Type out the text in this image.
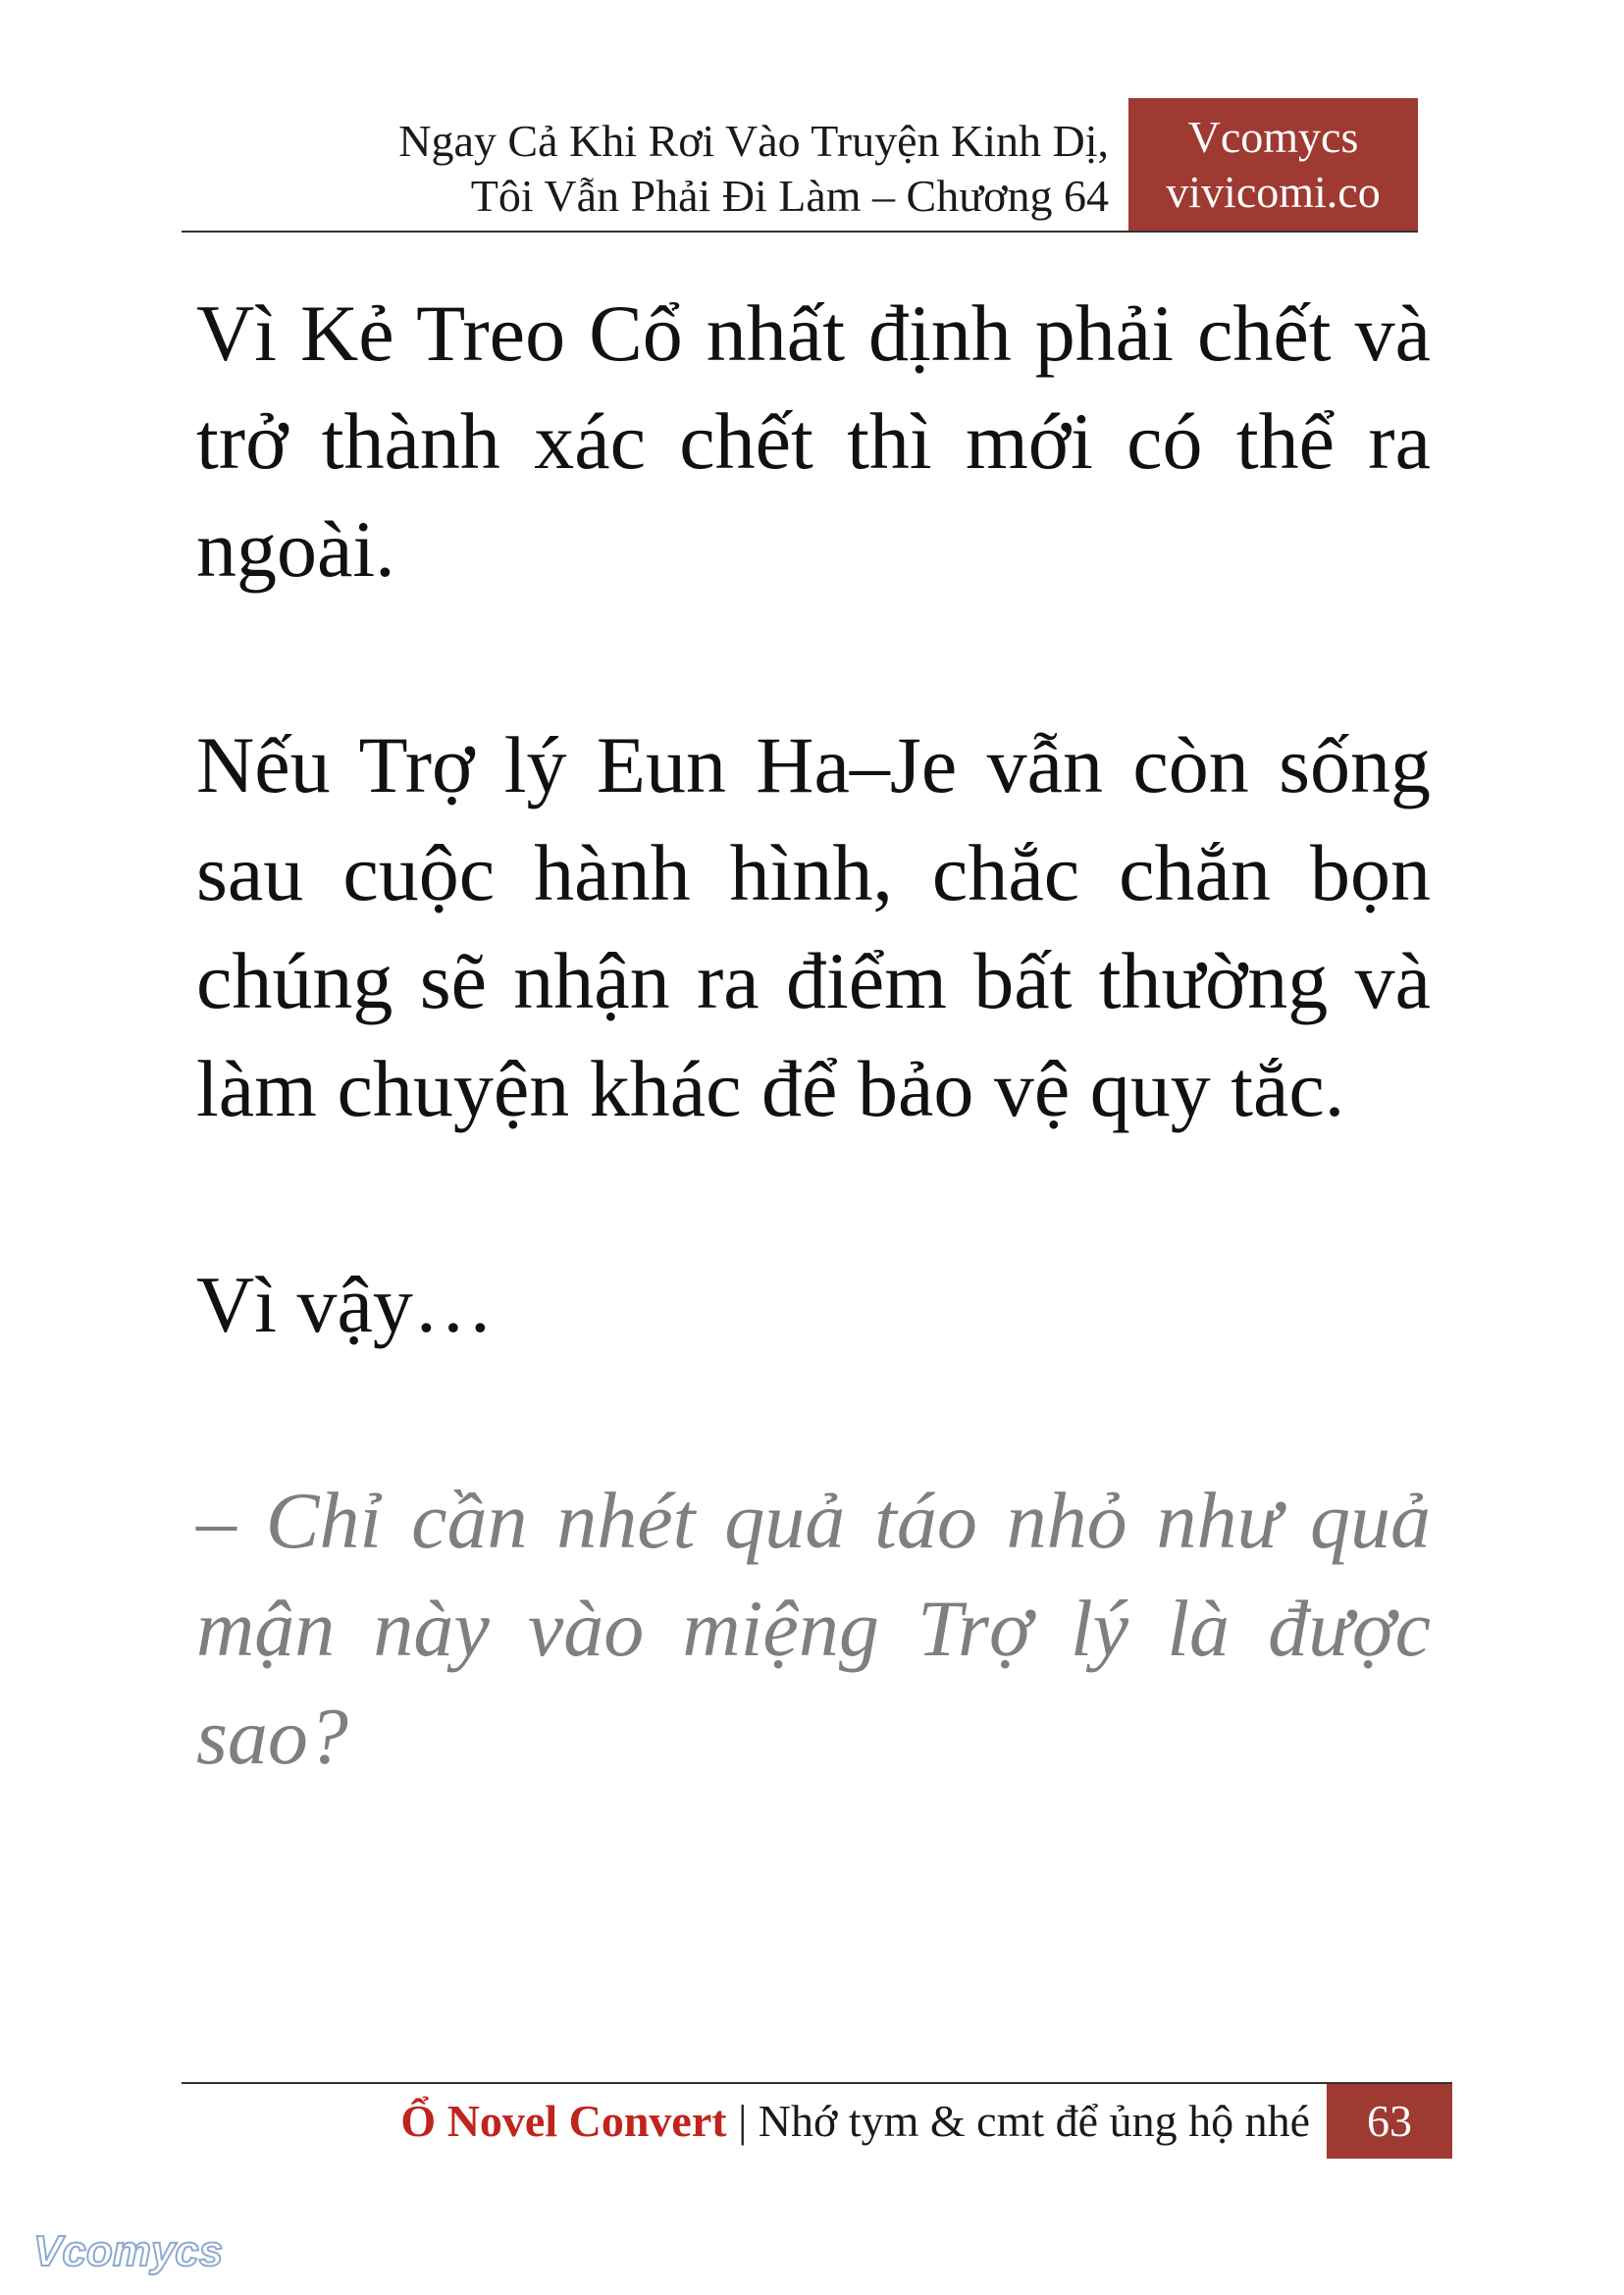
Ngay Cả Khi Rơi Vào Truyện Kinh Dị,
Tôi Vẫn Phải Đi Làm – Chương 64
Vcomycs
vivicomi.co

Vì Kẻ Treo Cổ nhất định phải chết và trở thành xác chết thì mới có thể ra ngoài.

Nếu Trợ lý Eun Ha–Je vẫn còn sống sau cuộc hành hình, chắc chắn bọn chúng sẽ nhận ra điểm bất thường và làm chuyện khác để bảo vệ quy tắc.

Vì vậy…

– Chỉ cần nhét quả táo nhỏ như quả mận này vào miệng Trợ lý là được sao?

Ổ Novel Convert | Nhớ tym & cmt để ủng hộ nhé	63
Vcomycs
